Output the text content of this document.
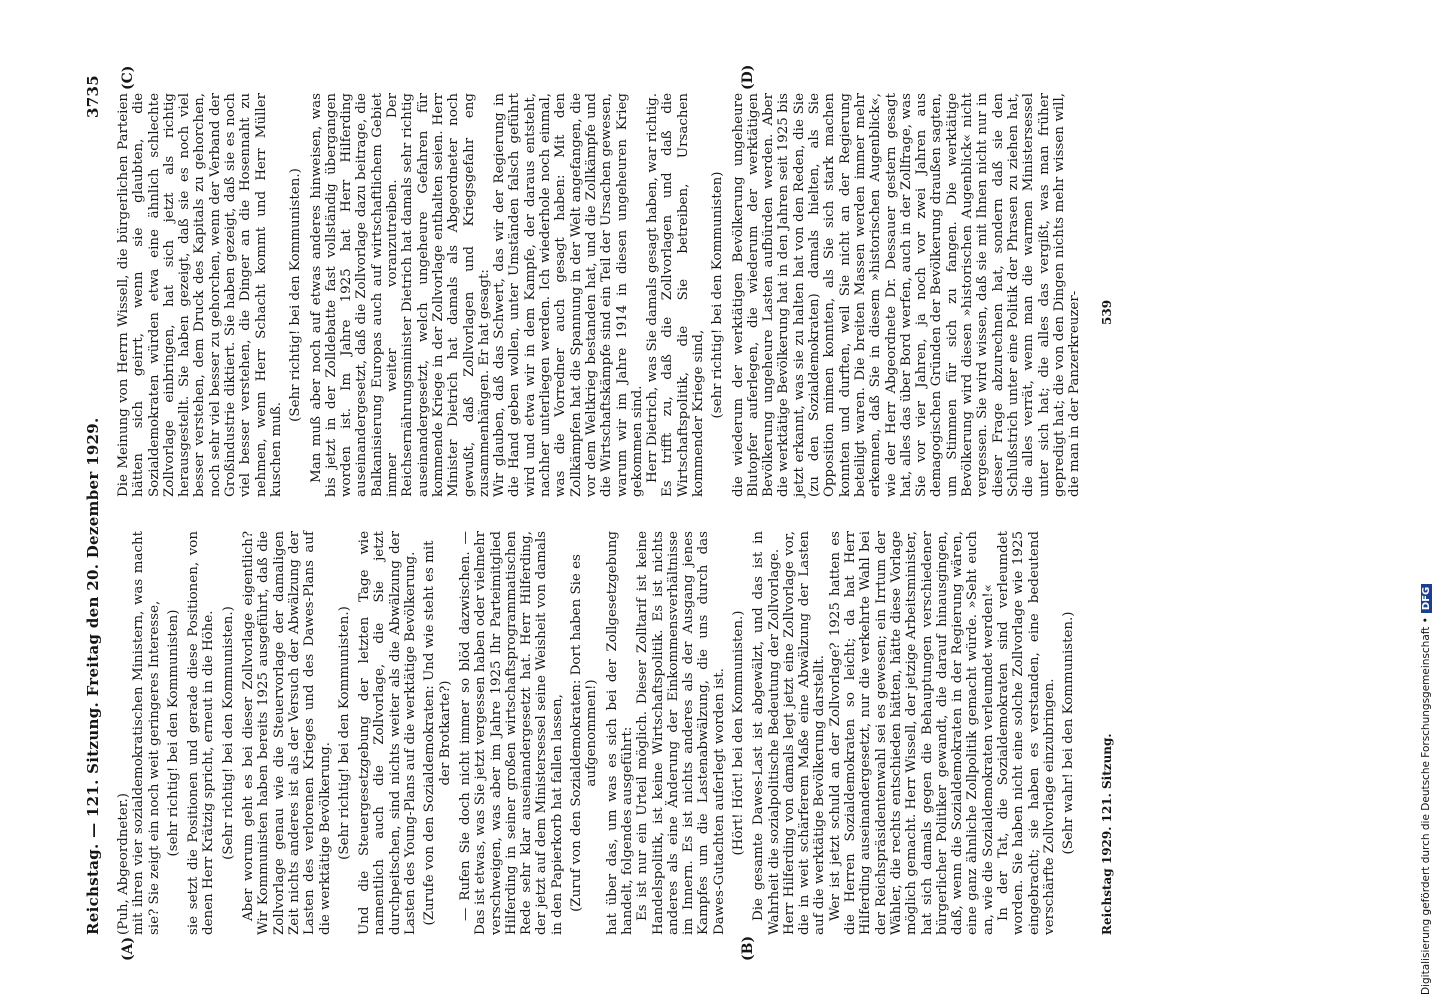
Reichstag. — 121. Sitzung. Freitag den 20. Dezember 1929.
3735
(A)	(B)
(C)	(D)

(Puh, Abgeordneter.) mit ihren vier sozialdemokratischen Ministern, was macht sie? Sie zeigt ein noch weit geringeres Interesse, (sehr richtig! bei den Kommunisten) sie setzt die Positionen und gerade diese Positionen, von denen Herr Krätzig spricht, erneut in die Höhe. (Sehr richtig! bei den Kommunisten.) Aber worum geht es bei dieser Zollvorlage eigentlich? Wir Kommunisten haben bereits 1925 ausgeführt, daß die Zollvorlage genau wie die Steuervorlage der damaligen Zeit nichts anderes ist als der Versuch der Abwälzung der Lasten des verlorenen Krieges und des Dawes-Plans auf die werktätige Bevölkerung. (Sehr richtig! bei den Kommunisten.) Und die Steuergesetzgebung der letzten Tage wie namentlich auch die Zollvorlage, die Sie jetzt durchpeitschen, sind nichts weiter als die Abwälzung der Lasten des Young-Plans auf die werktätige Bevölkerung. (Zurufe von den Sozialdemokraten: Und wie steht es mit der Brotkarte?) — Rufen Sie doch nicht immer so blöd dazwischen. — Das ist etwas, was Sie jetzt vergessen haben oder vielmehr verschweigen, was aber im Jahre 1925 Ihr Parteimitglied Hilferding in seiner großen wirtschaftsprogrammatischen Rede sehr klar auseinandergesetzt hat. Herr Hilferding, der jetzt auf dem Ministersessel seine Weisheit von damals in den Papierkorb hat fallen lassen, (Zuruf von den Sozialdemokraten: Dort haben Sie es aufgenommen!) hat über das, um was es sich bei der Zollgesetzgebung handelt, folgendes ausgeführt: Es ist nur ein Urteil möglich. Dieser Zolltarif ist keine Handelspolitik, ist keine Wirtschaftspolitik. Es ist nichts anderes als eine Änderung der Einkommensverhältnisse im Innern. Es ist nichts anderes als der Ausgang jenes Kampfes um die Lastenabwälzung, die uns durch das Dawes-Gutachten auferlegt worden ist. (Hört! Hört! bei den Kommunisten.) Die gesamte Dawes-Last ist abgewälzt, und das ist in Wahrheit die sozialpolitische Bedeutung der Zollvorlage. Herr Hilferding von damals legt jetzt eine Zollvorlage vor, die in weit schärferem Maße eine Abwälzung der Lasten auf die werktätige Bevölkerung darstellt. Wer ist jetzt schuld an der Zollvorlage? 1925 hatten es die Herren Sozialdemokraten so leicht; da hat Herr Hilferding auseinandergesetzt, nur die verkehrte Wahl bei der Reichspräsidentenwahl sei es gewesen; ein Irrtum der Wähler, die rechts entschieden hätten, hätte diese Vorlage möglich gemacht. Herr Wissell, der jetzige Arbeitsminister, hat sich damals gegen die Behauptungen verschiedener bürgerlicher Politiker gewandt, die darauf hinausgingen, daß, wenn die Sozialdemokraten in der Regierung wären, eine ganz ähnliche Zollpolitik gemacht würde. »Seht euch an, wie die Sozialdemokraten verleumdet werden!« In der Tat, die Sozialdemokraten sind verleumdet worden. Sie haben nicht eine solche Zollvorlage wie 1925 eingebracht; sie haben es verstanden, eine bedeutend verschärfte Zollvorlage einzubringen. (Sehr wahr! bei den Kommunisten.)

Die Meinung von Herrn Wissell, die bürgerlichen Parteien hätten sich geirrt, wenn sie glaubten, die Sozialdemokraten würden etwa eine ähnlich schlechte Zollvorlage einbringen, hat sich jetzt als richtig herausgestellt. Sie haben gezeigt, daß sie es noch viel besser verstehen, dem Druck des Kapitals zu gehorchen, noch sehr viel besser zu gehorchen, wenn der Verband der Großindustrie diktiert. Sie haben gezeigt, daß sie es noch viel besser verstehen, die Dinger an die Hosennaht zu nehmen, wenn Herr Schacht kommt und Herr Müller kuschen muß.

(Sehr richtig! bei den Kommunisten.) Man muß aber noch auf etwas anderes hinweisen, was bis jetzt in der Zolldebatte fast vollständig übergangen worden ist. Im Jahre 1925 hat Herr Hilferding auseinandergesetzt, daß die Zollvorlage dazu beitrage, die Balkanisierung Europas auch auf wirtschaftlichem Gebiet immer weiter voranzutreiben. Der Reichsernährungsminister Dietrich hat damals sehr richtig auseinandergesetzt, welch ungeheure Gefahren für kommende Kriege in der Zollvorlage enthalten seien. Herr Minister Dietrich hat damals als Abgeordneter noch gewußt, daß Zollvorlagen und Kriegsgefahr eng zusammenhängen. Er hat gesagt: Wir glauben, daß das Schwert, das wir der Regierung in die Hand geben wollen, unter Umständen falsch geführt wird und etwa wir in dem Kampfe, der daraus entsteht, nachher unterliegen werden. Ich wiederhole noch einmal, was die Vorredner auch gesagt haben: Mit den Zollkämpfen hat die Spannung in der Welt angefangen, die vor dem Weltkrieg bestanden hat, und die Zollkämpfe und die Wirtschaftskämpfe sind ein Teil der Ursachen gewesen, warum wir im Jahre 1914 in diesen ungeheuren Krieg gekommen sind. Herr Dietrich, was Sie damals gesagt haben, war richtig. Es trifft zu, daß die Zollvorlagen und daß die Wirtschaftspolitik, die Sie betreiben, Ursachen kommender Kriege sind, (sehr richtig! bei den Kommunisten) die wiederum der werktätigen Bevölkerung ungeheure Blutopfer auferlegen, die wiederum der werktätigen Bevölkerung ungeheure Lasten aufbürden werden. Aber die werktätige Bevölkerung hat in den Jahren seit 1925 bis jetzt erkannt, was sie zu halten hat von den Reden, die Sie (zu den Sozialdemokraten) damals hielten, als Sie Opposition mimen konnten, als Sie sich stark machen konnten und durften, weil Sie nicht an der Regierung beteiligt waren. Die breiten Massen werden immer mehr erkennen, daß Sie in diesem »historischen Augenblick«, wie der Herr Abgeordnete Dr. Dessauer gestern gesagt hat, alles das über Bord werfen, auch in der Zollfrage, was Sie vor vier Jahren, ja noch vor zwei Jahren aus demagogischen Gründen der Bevölkerung draußen sagten, um Stimmen für sich zu fangen. Die werktätige Bevölkerung wird diesen »historischen Augenblick« nicht vergessen. Sie wird wissen, daß sie mit Ihnen nicht nur in dieser Frage abzurechnen hat, sondern daß sie den Schlußstrich unter eine Politik der Phrasen zu ziehen hat, die alles verrät, wenn man die warmen Ministersessel unter sich hat; die alles das vergißt, was man früher gepredigt hat; die von den Dingen nichts mehr wissen will, die man in der Panzerkreuzer-

Reichstag 1929. 121. Sitzung.
539
Digitalisierung gefördert durch die Deutsche Forschungsgemeinschaft •DFG
